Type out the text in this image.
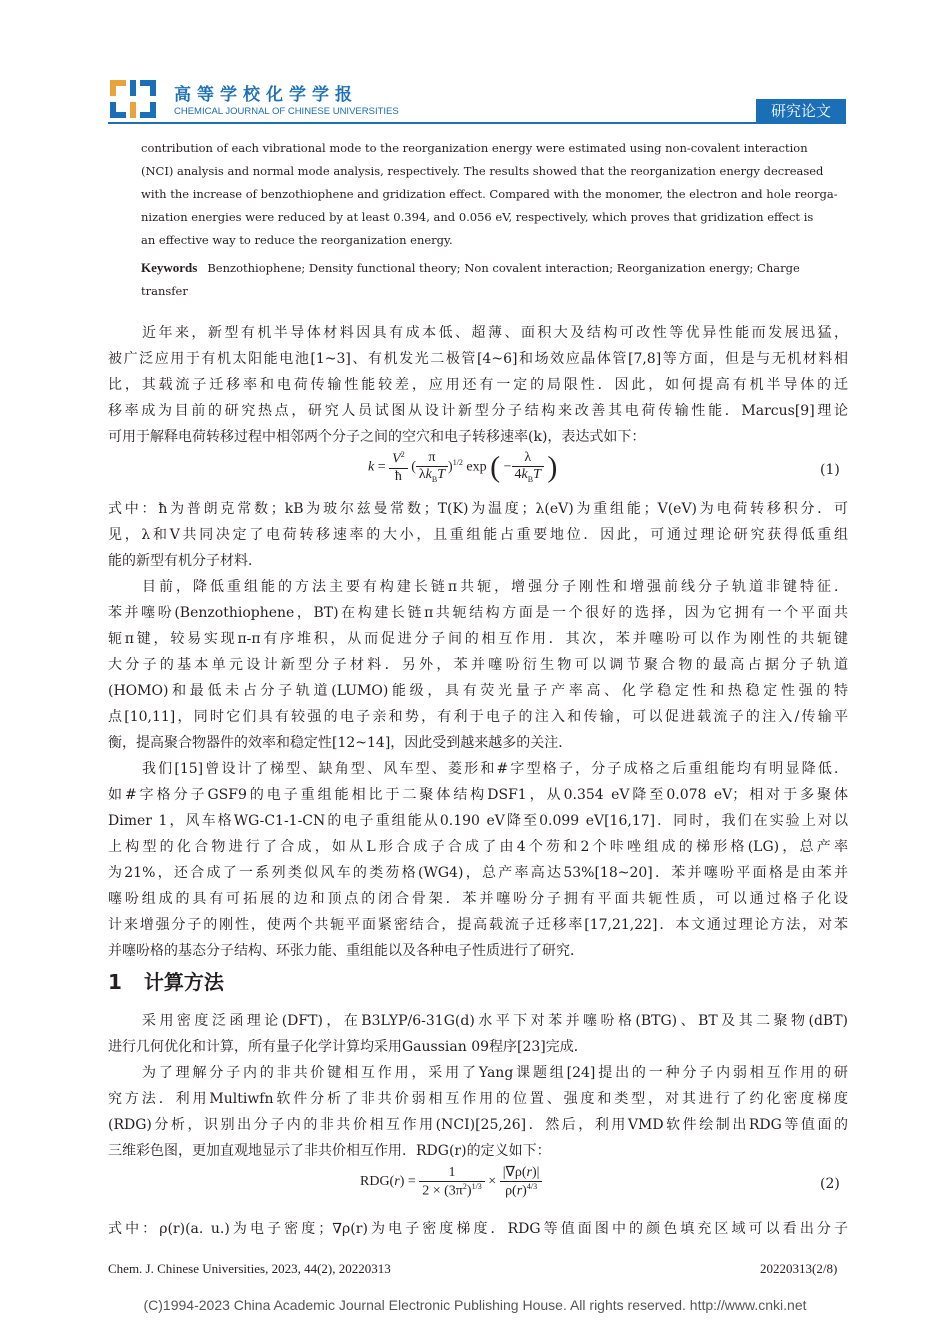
高等学校化学学报
CHEMICAL JOURNAL OF CHINESE UNIVERSITIES	研究论文
contribution of each vibrational mode to the reorganization energy were estimated using non-covalent interaction
(NCI) analysis and normal mode analysis, respectively. The results showed that the reorganization energy decreased
with the increase of benzothiophene and gridization effect. Compared with the monomer, the electron and hole reorga-
nization energies were reduced by at least 0.394, and 0.056 eV, respectively, which proves that gridization effect is
an effective way to reduce the reorganization energy.
Keywords Benzothiophene; Density functional theory; Non covalent interaction; Reorganization energy; Charge
transfer
近年来，新型有机半导体材料因具有成本低、超薄、面积大及结构可改性等优异性能而发展迅猛，
被广泛应用于有机太阳能电池[1~3]、有机发光二极管[4~6]和场效应晶体管[7,8]等方面，但是与无机材料相
比，其载流子迁移率和电荷传输性能较差，应用还有一定的局限性．因此，如何提高有机半导体的迁
移率成为目前的研究热点，研究人员试图从设计新型分子结构来改善其电荷传输性能．Marcus[9]理论
可用于解释电荷转移过程中相邻两个分子之间的空穴和电子转移速率(k)，表达式如下：
$k = \frac{V^2}{ħ}$ ( $\frac{\pi}{\lambda k_BT} )^{1/2}$ exp ( − $\frac{\lambda}{4k_BT}$ )	(1)
式中：ħ为普朗克常数；kB为玻尔兹曼常数；T(K)为温度；λ(eV)为重组能；V(eV)为电荷转移积分．可
见，λ和V共同决定了电荷转移速率的大小，且重组能占重要地位．因此，可通过理论研究获得低重组
能的新型有机分子材料．
目前，降低重组能的方法主要有构建长链π共轭，增强分子刚性和增强前线分子轨道非键特征．
苯并噻吩(Benzothiophene，BT)在构建长链π共轭结构方面是一个很好的选择，因为它拥有一个平面共
轭π键，较易实现π-π有序堆积，从而促进分子间的相互作用．其次，苯并噻吩可以作为刚性的共轭键
大分子的基本单元设计新型分子材料．另外，苯并噻吩衍生物可以调节聚合物的最高占据分子轨道
(HOMO)和最低未占分子轨道(LUMO)能级，具有荧光量子产率高、化学稳定性和热稳定性强的特
点[10,11]，同时它们具有较强的电子亲和势，有利于电子的注入和传输，可以促进载流子的注入/传输平
衡，提高聚合物器件的效率和稳定性[12~14]，因此受到越来越多的关注．
我们[15]曾设计了梯型、缺角型、风车型、菱形和#字型格子，分子成格之后重组能均有明显降低．
如#字格分子GSF9的电子重组能相比于二聚体结构DSF1，从0.354 eV降至0.078 eV；相对于多聚体
Dimer 1，风车格WG-C1-1-CN的电子重组能从0.190 eV降至0.099 eV[16,17]．同时，我们在实验上对以
上构型的化合物进行了合成，如从L形合成子合成了由4个芴和2个咔唑组成的梯形格(LG)，总产率
为21%，还合成了一系列类似风车的类芴格(WG4)，总产率高达53%[18~20]．苯并噻吩平面格是由苯并
噻吩组成的具有可拓展的边和顶点的闭合骨架．苯并噻吩分子拥有平面共轭性质，可以通过格子化设
计来增强分子的刚性，使两个共轭平面紧密结合，提高载流子迁移率[17,21,22]．本文通过理论方法，对苯
并噻吩格的基态分子结构、环张力能、重组能以及各种电子性质进行了研究．
1 计算方法
采用密度泛函理论(DFT)，在B3LYP/6-31G(d)水平下对苯并噻吩格(BTG)、BT及其二聚物(dBT)
进行几何优化和计算，所有量子化学计算均采用Gaussian 09程序[23]完成．
为了理解分子内的非共价键相互作用，采用了Yang课题组[24]提出的一种分子内弱相互作用的研
究方法．利用Multiwfn软件分析了非共价弱相互作用的位置、强度和类型，对其进行了约化密度梯度
(RDG)分析，识别出分子内的非共价相互作用(NCI)[25,26]．然后，利用VMD软件绘制出RDG等值面的
三维彩色图，更加直观地显示了非共价相互作用．RDG(r)的定义如下：
$RDG(r) = \frac{1}{2 \times (3\pi^2)^{1/3}} \times \frac{|\nabla\rho(r)|}{\rho(r)^{4/3}}$	(2)
式中：ρ(r)(a. u.)为电子密度；∇ρ(r)为电子密度梯度．RDG等值面图中的颜色填充区域可以看出分子
Chem. J. Chinese Universities, 2023, 44(2), 20220313	20220313(2/8)
(C)1994-2023 China Academic Journal Electronic Publishing House. All rights reserved. http://www.cnki.net
